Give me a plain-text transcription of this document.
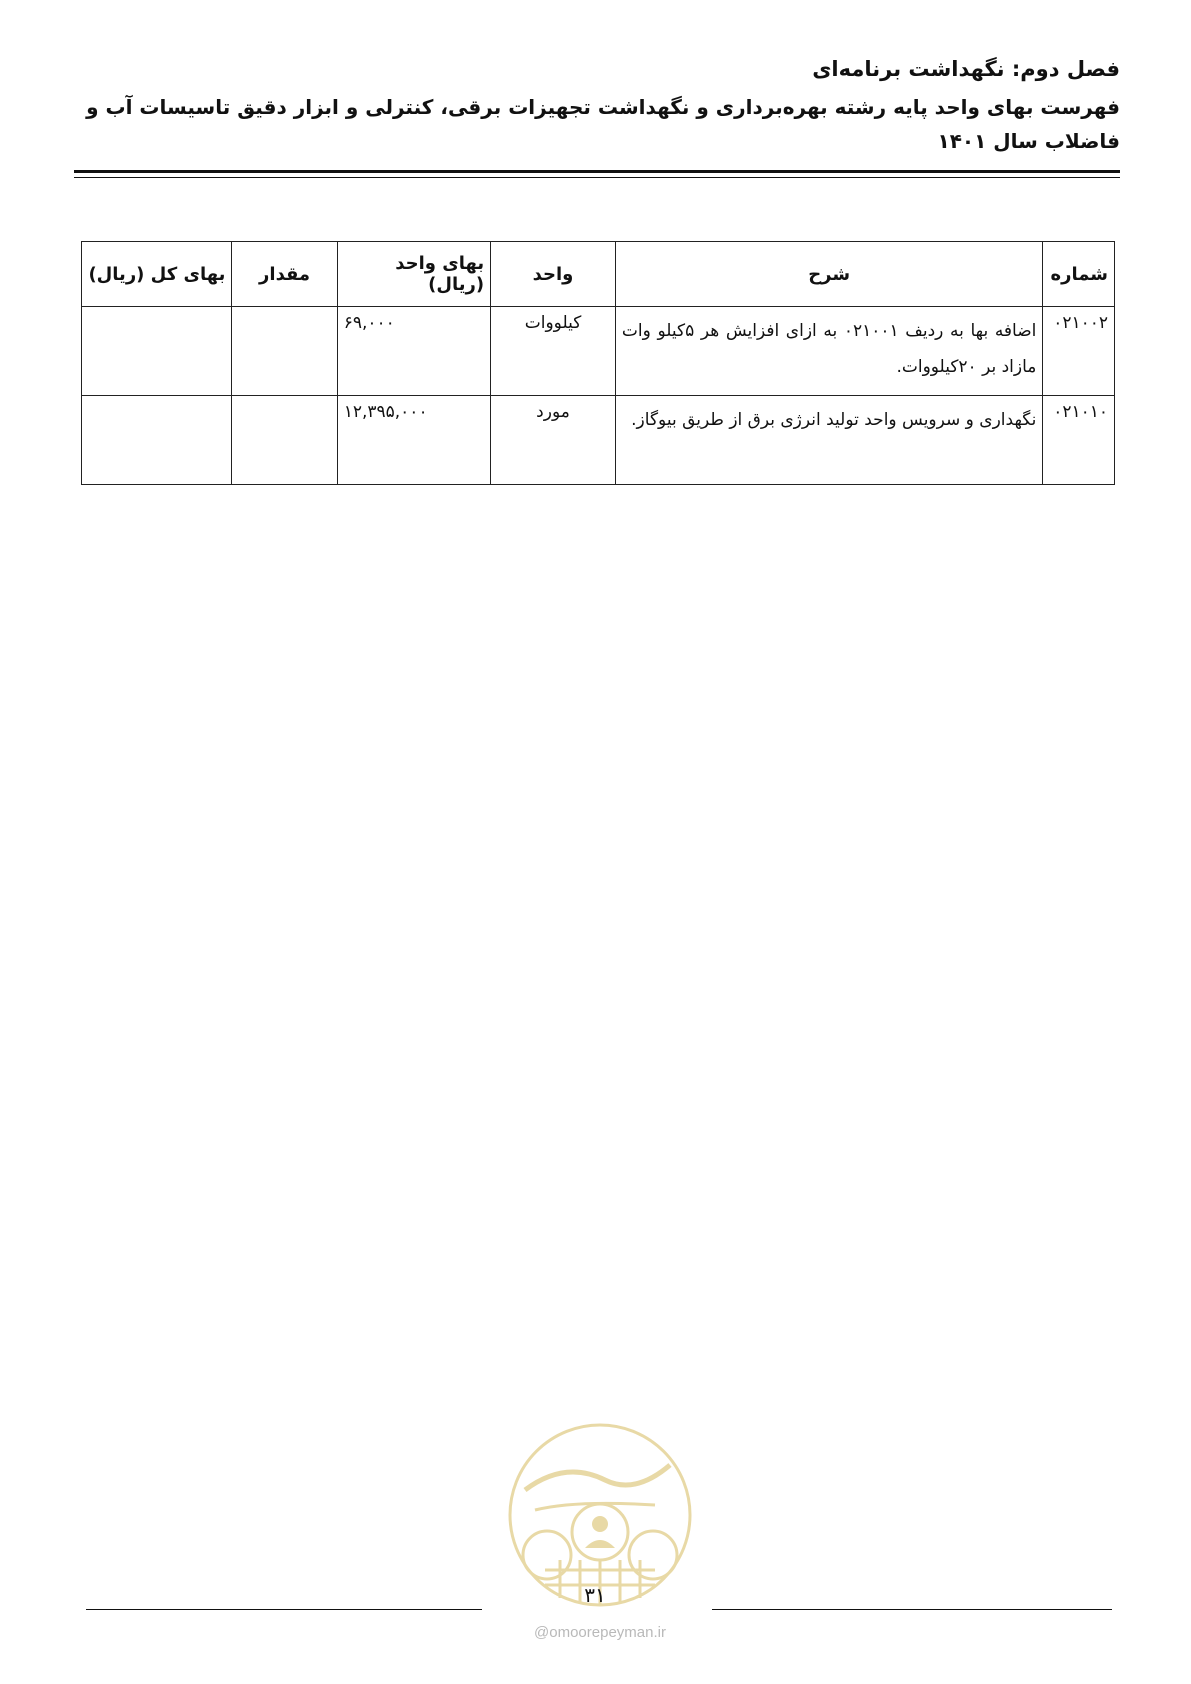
فصل دوم: نگهداشت برنامه‌ای
فهرست بهای واحد پایه رشته بهره‌برداری و نگهداشت تجهیزات برقی، کنترلی و ابزار دقیق تاسیسات آب و فاضلاب سال ۱۴۰۱
شماره	شرح	واحد	بهای واحد (ریال)	مقدار	بهای کل (ریال)
۰۲۱۰۰۲	اضافه بها به ردیف ۰۲۱۰۰۱ به ازای افزایش هر ۵کیلو وات مازاد بر ۲۰کیلووات.	کیلووات	۶۹,۰۰۰		
۰۲۱۰۱۰	نگهداری و سرویس واحد تولید انرژی برق از طریق بیوگاز.	مورد	۱۲,۳۹۵,۰۰۰		
۳۱
@omoorepeyman.ir
